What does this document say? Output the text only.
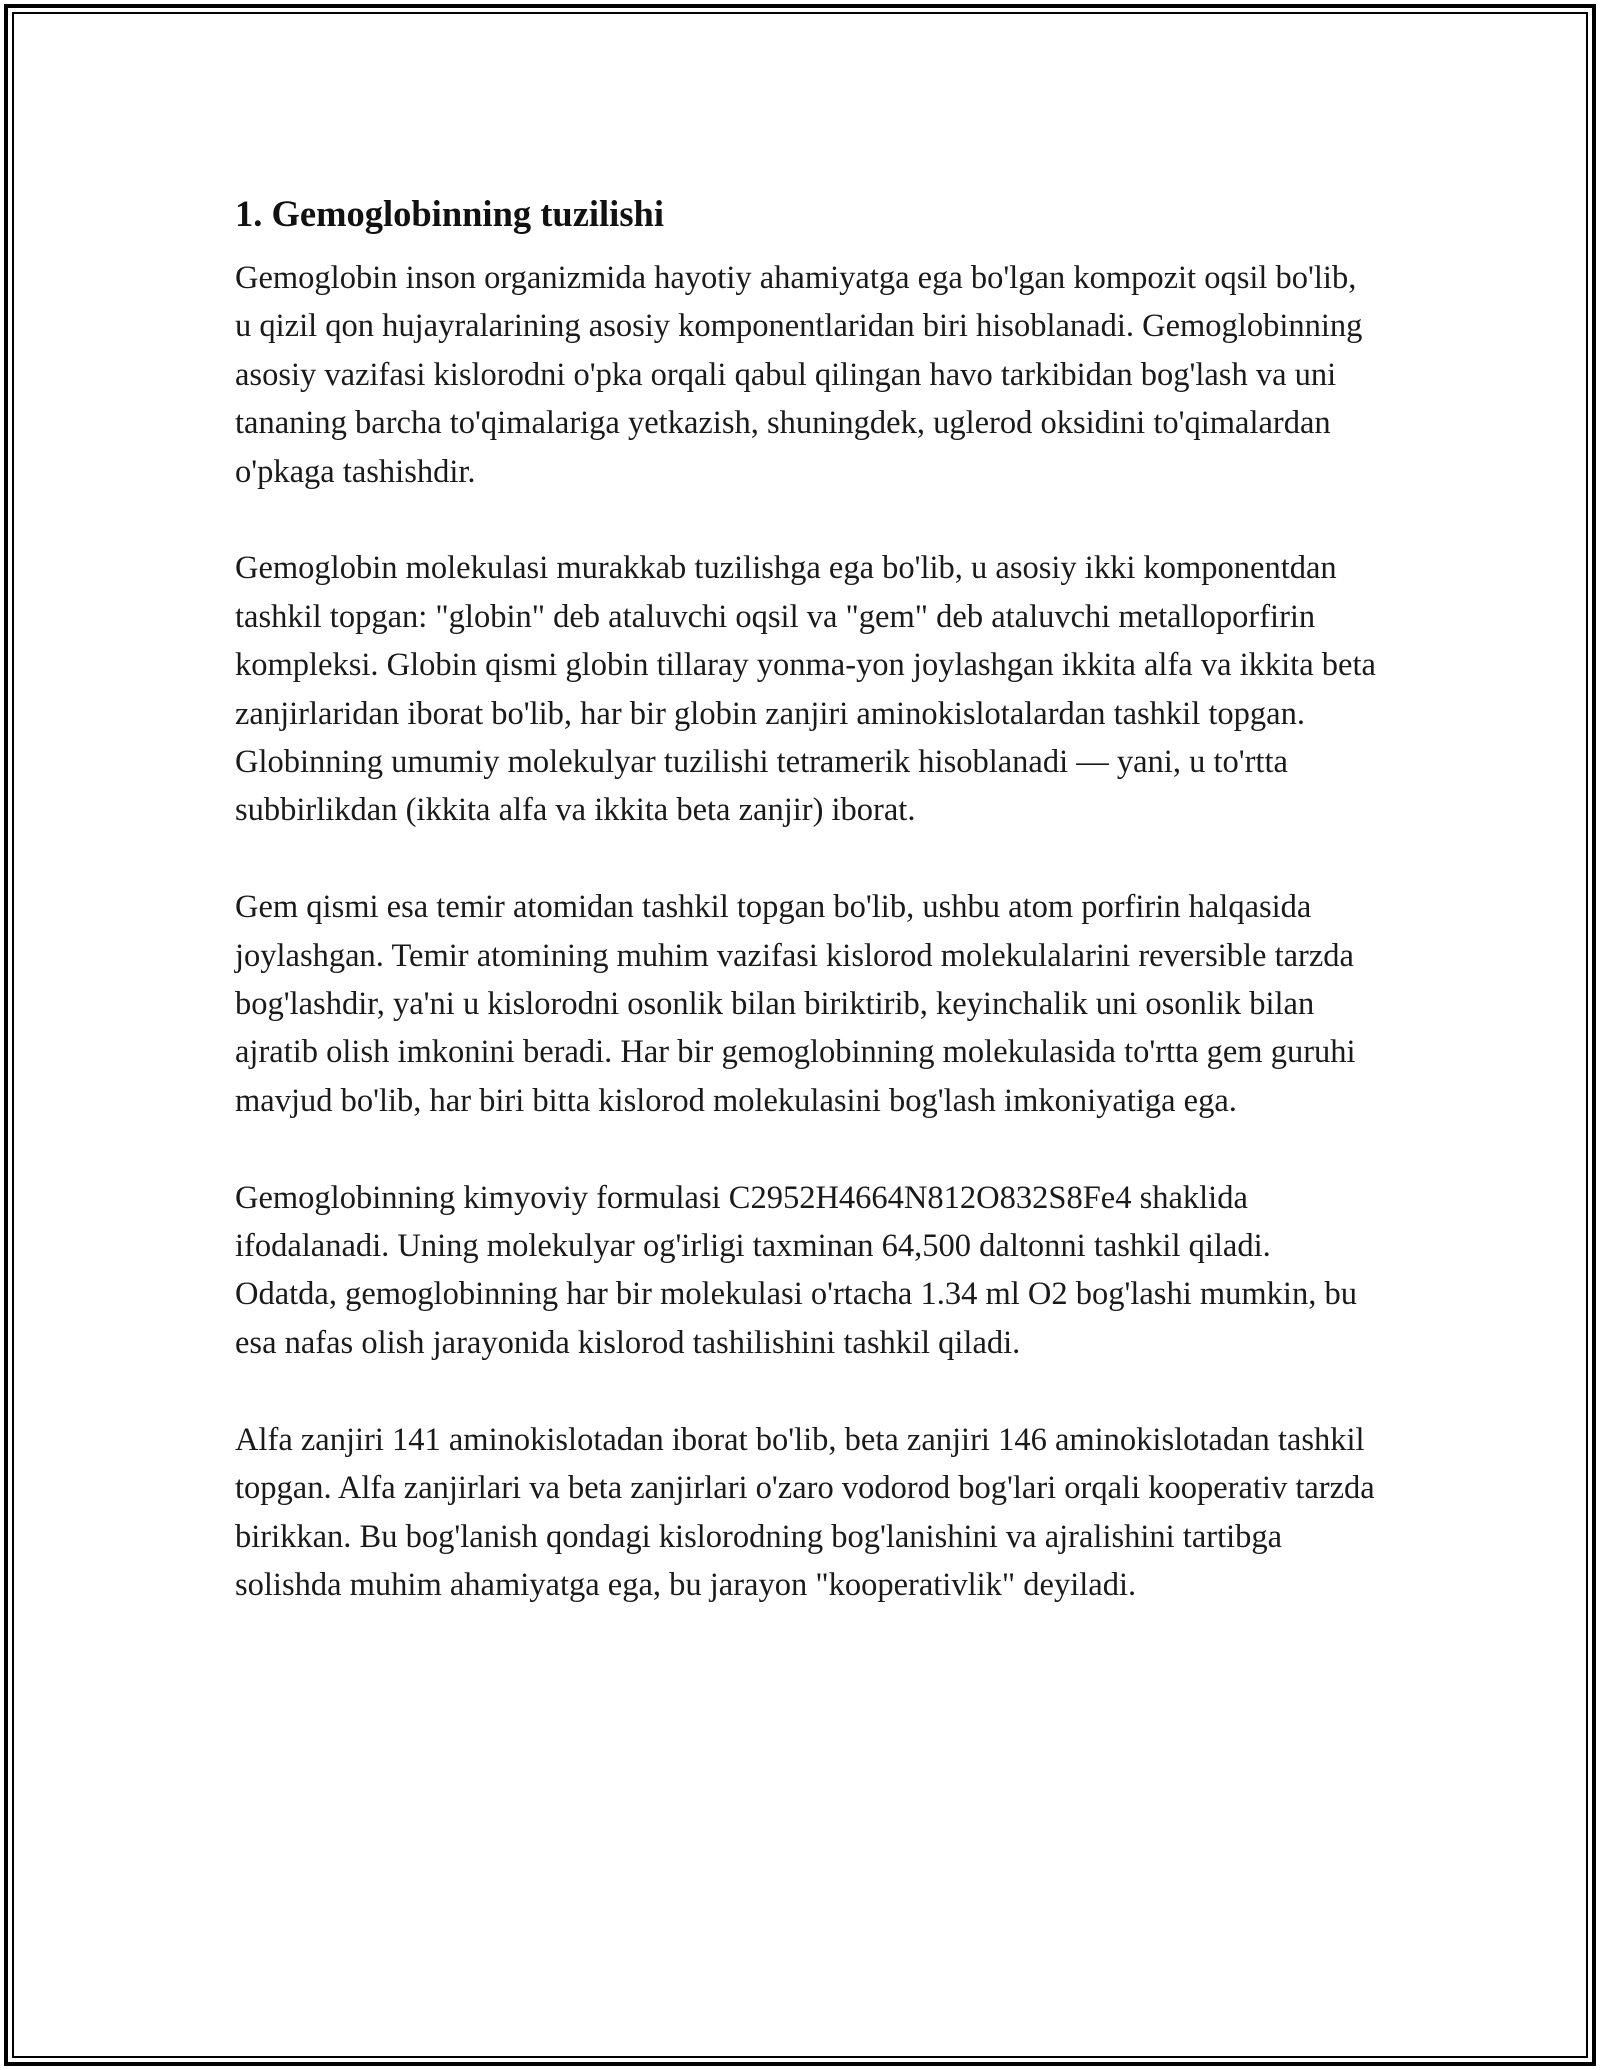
1. Gemoglobinning tuzilishi

Gemoglobin inson organizmida hayotiy ahamiyatga ega bo'lgan kompozit oqsil bo'lib, u qizil qon hujayralarining asosiy komponentlaridan biri hisoblanadi. Gemoglobinning asosiy vazifasi kislorodni o'pka orqali qabul qilingan havo tarkibidan bog'lash va uni tananing barcha to'qimalariga yetkazish, shuningdek, uglerod oksidini to'qimalardan o'pkaga tashishdir.

Gemoglobin molekulasi murakkab tuzilishga ega bo'lib, u asosiy ikki komponentdan tashkil topgan: "globin" deb ataluvchi oqsil va "gem" deb ataluvchi metalloporfirin kompleksi. Globin qismi globin tillaray yonma-yon joylashgan ikkita alfa va ikkita beta zanjirlaridan iborat bo'lib, har bir globin zanjiri aminokislotalardan tashkil topgan. Globinning umumiy molekulyar tuzilishi tetramerik hisoblanadi — yani, u to'rtta subbirlikdan (ikkita alfa va ikkita beta zanjir) iborat.

Gem qismi esa temir atomidan tashkil topgan bo'lib, ushbu atom porfirin halqasida joylashgan. Temir atomining muhim vazifasi kislorod molekulalarini reversible tarzda bog'lashdir, ya'ni u kislorodni osonlik bilan biriktirib, keyinchalik uni osonlik bilan ajratib olish imkonini beradi. Har bir gemoglobinning molekulasida to'rtta gem guruhi mavjud bo'lib, har biri bitta kislorod molekulasini bog'lash imkoniyatiga ega.

Gemoglobinning kimyoviy formulasi C2952H4664N812O832S8Fe4 shaklida ifodalanadi. Uning molekulyar og'irligi taxminan 64,500 daltonni tashkil qiladi. Odatda, gemoglobinning har bir molekulasi o'rtacha 1.34 ml O2 bog'lashi mumkin, bu esa nafas olish jarayonida kislorod tashilishini tashkil qiladi.

Alfa zanjiri 141 aminokislotadan iborat bo'lib, beta zanjiri 146 aminokislotadan tashkil topgan. Alfa zanjirlari va beta zanjirlari o'zaro vodorod bog'lari orqali kooperativ tarzda birikkan. Bu bog'lanish qondagi kislorodning bog'lanishini va ajralishini tartibga solishda muhim ahamiyatga ega, bu jarayon "kooperativlik" deyiladi.
